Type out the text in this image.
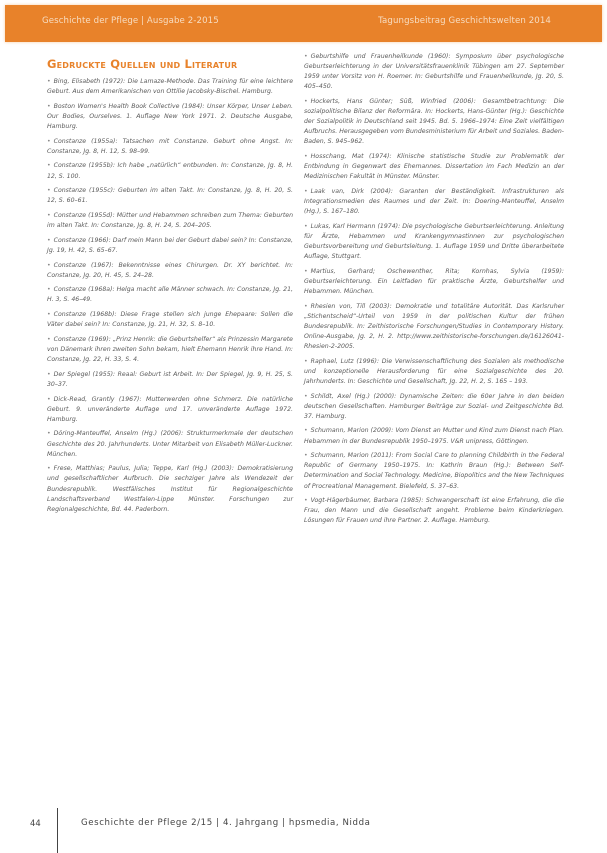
Geschichte der Pflege | Ausgabe 2-2015	Tagungsbeitrag Geschichtswelten 2014
Gedruckte Quellen und Literatur

• Bing, Elisabeth (1972): Die Lamaze-Methode. Das Training für eine leichtere Geburt. Aus dem Amerikanischen von Ottilie Jacobsky-Bischel. Hamburg.

• Boston Women's Health Book Collective (1984): Unser Körper, Unser Leben. Our Bodies, Ourselves. 1. Auflage New York 1971. 2. Deutsche Ausgabe, Hamburg.

• Constanze (1955a): Tatsachen mit Constanze. Geburt ohne Angst. In: Constanze, Jg. 8, H. 12, S. 98–99.

• Constanze (1955b): Ich habe „natürlich“ entbunden. In: Constanze, Jg. 8, H. 12, S. 100.

• Constanze (1955c): Geburten im alten Takt. In: Constanze, Jg. 8, H. 20, S. 12, S. 60–61.

• Constanze (1955d): Mütter und Hebammen schreiben zum Thema: Geburten im alten Takt. In: Constanze, Jg. 8, H. 24, S. 204–205.

• Constanze (1966): Darf mein Mann bei der Geburt dabei sein? In: Constanze, Jg. 19, H. 42, S. 65–67.

• Constanze (1967): Bekenntnisse eines Chirurgen. Dr. XY berichtet. In: Constanze, Jg. 20, H. 45, S. 24–28.

• Constanze (1968a): Helga macht alle Männer schwach. In: Constanze, Jg. 21, H. 3, S. 46–49.

• Constanze (1968b): Diese Frage stellen sich junge Ehepaare: Sollen die Väter dabei sein? In: Constanze, Jg. 21, H. 32, S. 8–10.

• Constanze (1969): „Prinz Henrik: die Geburtshelfer“ als Prinzessin Margarete von Dänemark ihren zweiten Sohn bekam, hielt Ehemann Henrik ihre Hand. In: Constanze, Jg. 22, H. 33, S. 4.

• Der Spiegel (1955): Reaal: Geburt ist Arbeit. In: Der Spiegel, Jg. 9, H. 25, S. 30–37.

• Dick-Read, Grantly (1967): Mutterwerden ohne Schmerz. Die natürliche Geburt. 9. unveränderte Auflage und 17. unveränderte Auflage 1972. Hamburg.

• Döring-Manteuffel, Anselm (Hg.) (2006): Strukturmerkmale der deutschen Geschichte des 20. Jahrhunderts. Unter Mitarbeit von Elisabeth Müller-Luckner. München.

• Frese, Matthias; Paulus, Julia; Teppe, Karl (Hg.) (2003): Demokratisierung und gesellschaftlicher Aufbruch. Die sechziger Jahre als Wendezeit der Bundesrepublik. Westfälisches Institut für Regionalgeschichte Landschaftsverband Westfalen-Lippe Münster. Forschungen zur Regionalgeschichte, Bd. 44. Paderborn.

• Geburtshilfe und Frauenheilkunde (1960): Symposium über psychologische Geburtserleichterung in der Universitätsfrauenklinik Tübingen am 27. September 1959 unter Vorsitz von H. Roemer. In: Geburtshilfe und Frauenheilkunde, Jg. 20, S. 405–450.

• Hockerts, Hans Günter; Süß, Winfried (2006): Gesamtbetrachtung: Die sozialpolitische Bilanz der Reformära. In: Hockerts, Hans-Günter (Hg.): Geschichte der Sozialpolitik in Deutschland seit 1945. Bd. 5. 1966–1974: Eine Zeit vielfältigen Aufbruchs. Herausgegeben vom Bundesministerium für Arbeit und Soziales. Baden-Baden, S. 945–962.

• Hosschang, Mat (1974): Klinische statistische Studie zur Problematik der Entbindung in Gegenwart des Ehemannes. Dissertation im Fach Medizin an der Medizinischen Fakultät in Münster. Münster.

• Laak van, Dirk (2004): Garanten der Beständigkeit. Infrastrukturen als Integrationsmedien des Raumes und der Zeit. In: Doering-Manteuffel, Anselm (Hg.), S. 167–180.

• Lukas, Karl Hermann (1974): Die psychologische Geburtserleichterung. Anleitung für Ärzte, Hebammen und Krankengymnastinnen zur psychologischen Geburtsvorbereitung und Geburtsleitung. 1. Auflage 1959 und Dritte überarbeitete Auflage, Stuttgart.

• Martius, Gerhard; Oschewenther, Rita; Kornhas, Sylvia (1959): Geburtserleichterung. Ein Leitfaden für praktische Ärzte, Geburtshelfer und Hebammen. München.

• Rhesien von, Till (2003): Demokratie und totalitäre Autorität. Das Karlsruher „Stichentscheid“-Urteil von 1959 in der politischen Kultur der frühen Bundesrepublik. In: Zeithistorische Forschungen/Studies in Contemporary History. Online-Ausgabe, Jg. 2, H. 2. http://www.zeithistorische-forschungen.de/16126041-Rhesien-2-2005.

• Raphael, Lutz (1996): Die Verwissenschaftlichung des Sozialen als methodische und konzeptionelle Herausforderung für eine Sozialgeschichte des 20. Jahrhunderts. In: Geschichte und Gesellschaft, Jg. 22, H. 2, S. 165 – 193.

• Schildt, Axel (Hg.) (2000): Dynamische Zeiten: die 60er Jahre in den beiden deutschen Gesellschaften. Hamburger Beiträge zur Sozial- und Zeitgeschichte Bd. 37. Hamburg.

• Schumann, Marion (2009): Vom Dienst an Mutter und Kind zum Dienst nach Plan. Hebammen in der Bundesrepublik 1950–1975. V&R unipress, Göttingen.

• Schumann, Marion (2011): From Social Care to planning Childbirth in the Federal Republic of Germany 1950–1975. In: Kathrin Braun (Hg.): Between Self-Determination and Social Technology. Medicine, Biopolitics and the New Techniques of Procreational Management. Bielefeld, S. 37–63.

• Vogt-Hägerbäumer, Barbara (1985): Schwangerschaft ist eine Erfahrung, die die Frau, den Mann und die Gesellschaft angeht. Probleme beim Kinderkriegen. Lösungen für Frauen und ihre Partner. 2. Auflage. Hamburg.

44	Geschichte der Pflege 2/15 | 4. Jahrgang | hpsmedia, Nidda
